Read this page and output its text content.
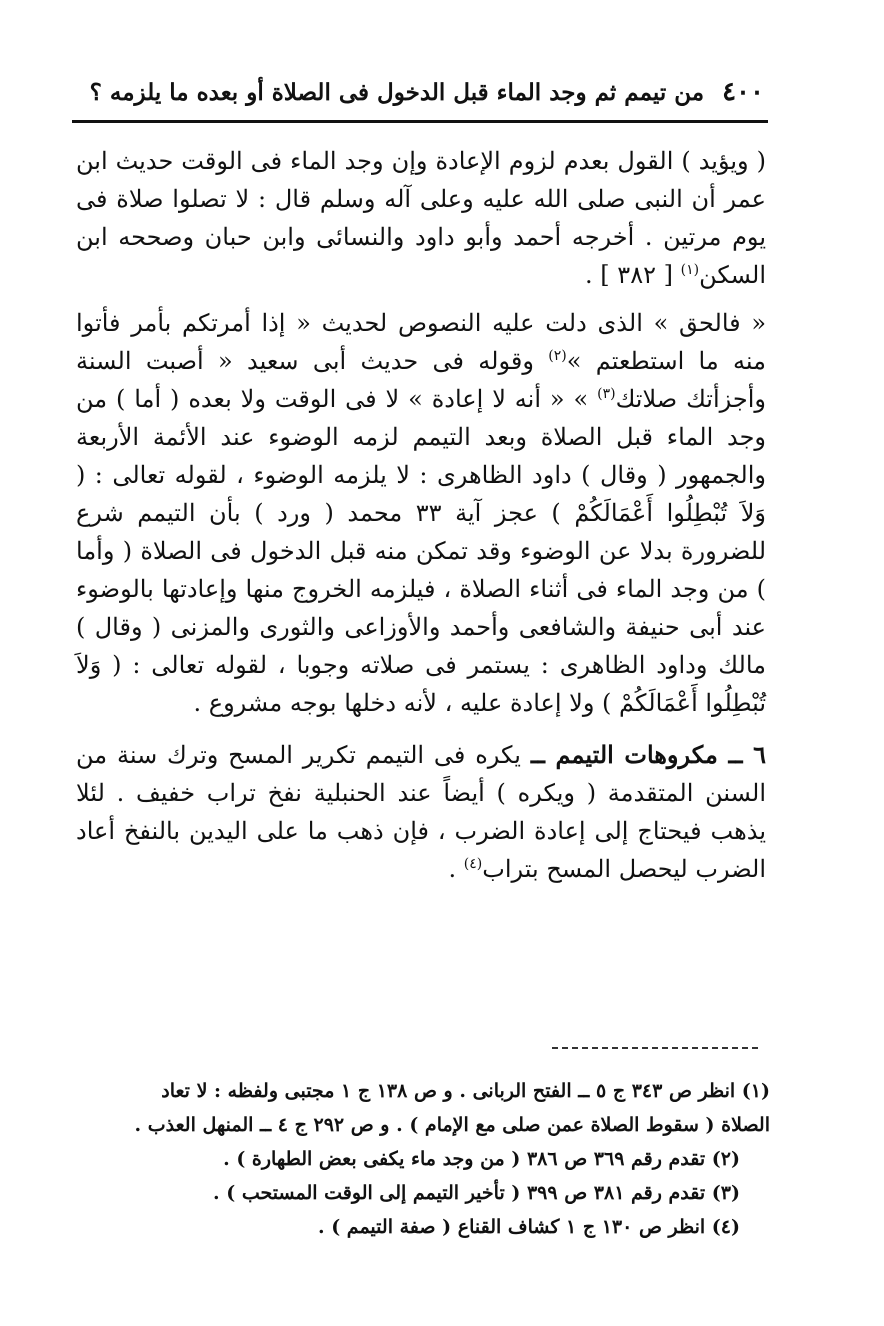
٤٠٠
من تيمم ثم وجد الماء قبل الدخول فى الصلاة أو بعده ما يلزمه ؟

( ويؤيد ) القول بعدم لزوم الإعادة وإن وجد الماء فى الوقت حديث ابن عمر أن النبى صلى الله عليه وعلى آله وسلم قال : لا تصلوا صلاة فى يوم مرتين . أخرجه أحمد وأبو داود والنسائى وابن حبان وصححه ابن السكن$^{(١)}$ [ ٣٨٢ ] .

« فالحق » الذى دلت عليه النصوص لحديث « إذا أمرتكم بأمر فأتوا منه ما استطعتم »$^{(٢)}$ وقوله فى حديث أبى سعيد « أصبت السنة وأجزأتك صلاتك$^{(٣)}$ » « أنه لا إعادة » لا فى الوقت ولا بعده ( أما ) من وجد الماء قبل الصلاة وبعد التيمم لزمه الوضوء عند الأئمة الأربعة والجمهور ( وقال ) داود الظاهرى : لا يلزمه الوضوء ، لقوله تعالى : ( وَلاَ تُبْطِلُوا أَعْمَالَكُمْ ) عجز آية ٣٣ محمد ( ورد ) بأن التيمم شرع للضرورة بدلا عن الوضوء وقد تمكن منه قبل الدخول فى الصلاة ( وأما ) من وجد الماء فى أثناء الصلاة ، فيلزمه الخروج منها وإعادتها بالوضوء عند أبى حنيفة والشافعى وأحمد والأوزاعى والثورى والمزنى ( وقال ) مالك وداود الظاهرى : يستمر فى صلاته وجوبا ، لقوله تعالى : ( وَلاَ تُبْطِلُوا أَعْمَالَكُمْ ) ولا إعادة عليه ، لأنه دخلها بوجه مشروع .

٦ ــ مكروهات التيمم ــ يكره فى التيمم تكرير المسح وترك سنة من السنن المتقدمة ( ويكره ) أيضاً عند الحنبلية نفخ تراب خفيف . لئلا يذهب فيحتاج إلى إعادة الضرب ، فإن ذهب ما على اليدين بالنفخ أعاد الضرب ليحصل المسح بتراب$^{(٤)}$ .

(١) انظر ص ٣٤٣ ج ٥ ــ الفتح الربانى . و ص ١٣٨ ج ١ مجتبى ولفظه : لا تعاد

الصلاة ( سقوط الصلاة عمن صلى مع الإمام ) . و ص ٢٩٢ ج ٤ ــ المنهل العذب .

(٢) تقدم رقم ٣٦٩ ص ٣٨٦ ( من وجد ماء يكفى بعض الطهارة ) .

(٣) تقدم رقم ٣٨١ ص ٣٩٩ ( تأخير التيمم إلى الوقت المستحب ) .

(٤) انظر ص ١٣٠ ج ١ كشاف القناع ( صفة التيمم ) .
